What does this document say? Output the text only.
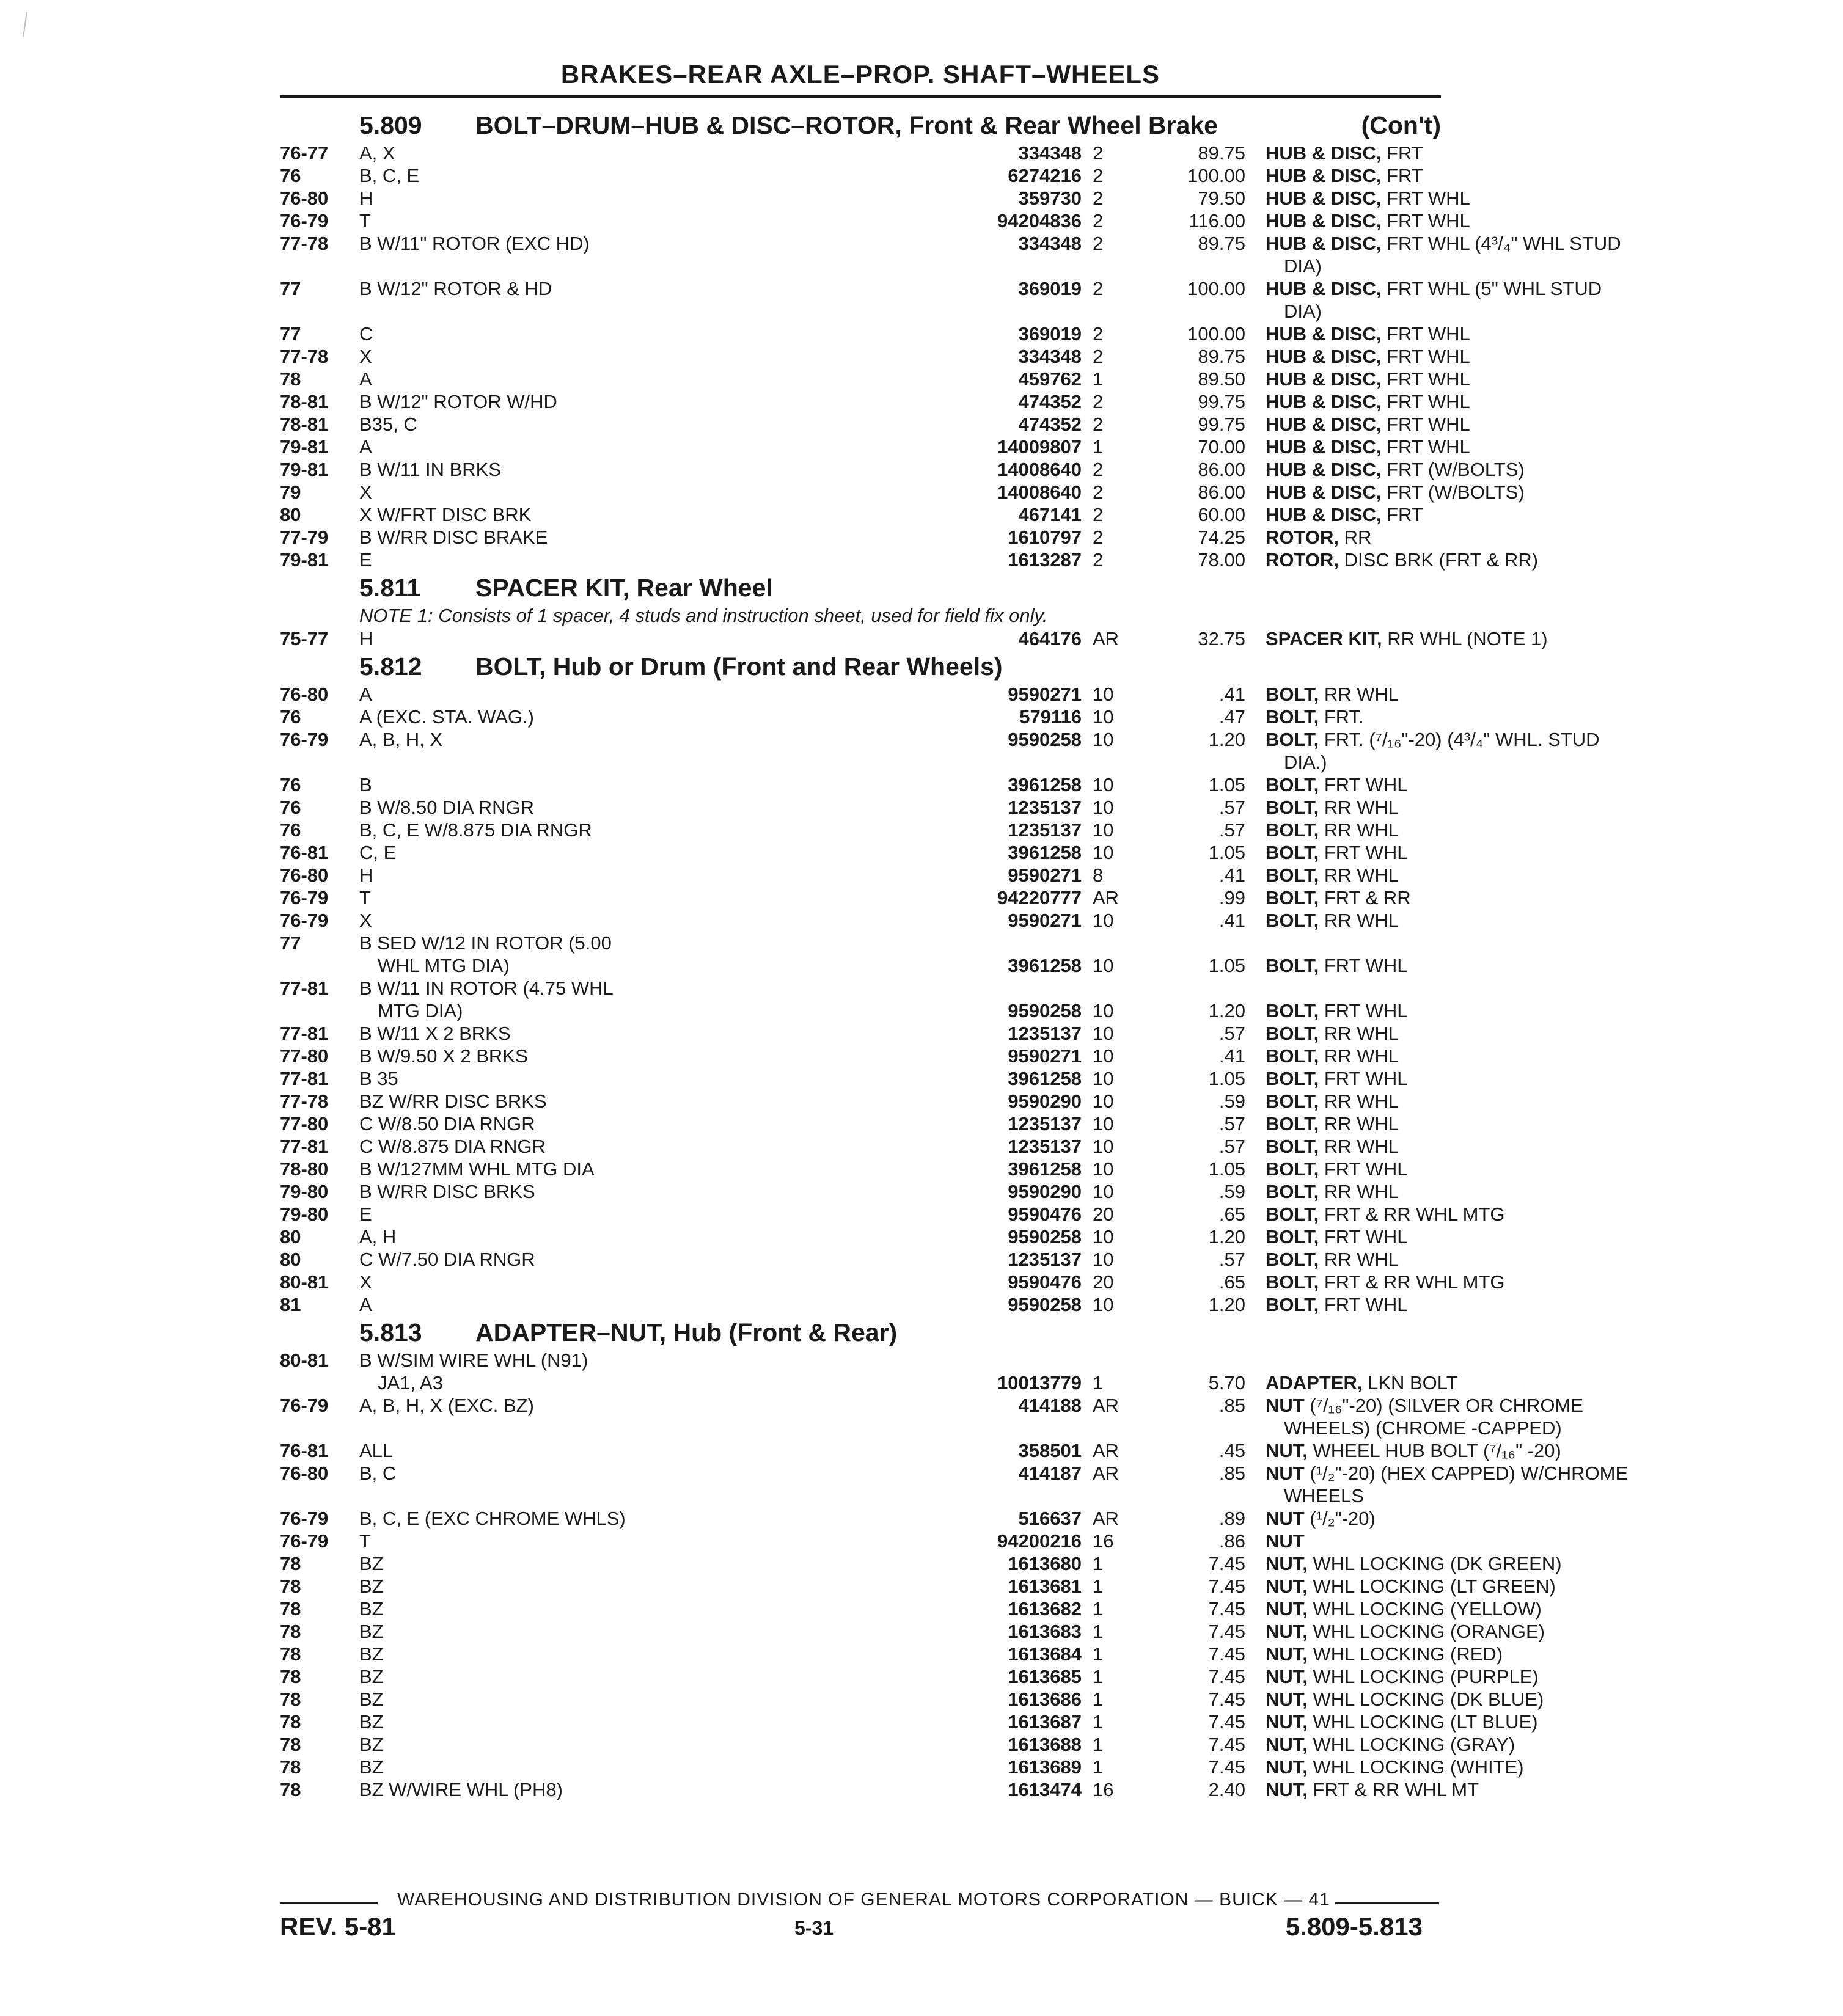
BRAKES–REAR AXLE–PROP. SHAFT–WHEELS
5.809 BOLT–DRUM–HUB & DISC–ROTOR, Front & Rear Wheel Brake	(Con't)
76-77	A, X	334348 2	89.75 HUB & DISC, FRT
76	B, C, E	6274216 2	100.00 HUB & DISC, FRT
76-80	H	359730 2	79.50 HUB & DISC, FRT WHL
76-79	T	94204836 2	116.00 HUB & DISC, FRT WHL
77-78	B W/11" ROTOR (EXC HD)	334348 2	89.75 HUB & DISC, FRT WHL (4³/₄" WHL STUD
DIA)
77	B W/12" ROTOR & HD	369019 2	100.00 HUB & DISC, FRT WHL (5" WHL STUD
DIA)
77	C	369019 2	100.00 HUB & DISC, FRT WHL
77-78	X	334348 2	89.75 HUB & DISC, FRT WHL
78	A	459762 1	89.50 HUB & DISC, FRT WHL
78-81	B W/12" ROTOR W/HD	474352 2	99.75 HUB & DISC, FRT WHL
78-81	B35, C	474352 2	99.75 HUB & DISC, FRT WHL
79-81	A	14009807 1	70.00 HUB & DISC, FRT WHL
79-81	B W/11 IN BRKS	14008640 2	86.00 HUB & DISC, FRT (W/BOLTS)
79	X	14008640 2	86.00 HUB & DISC, FRT (W/BOLTS)
80	X W/FRT DISC BRK	467141 2	60.00 HUB & DISC, FRT
77-79	B W/RR DISC BRAKE	1610797 2	74.25 ROTOR, RR
79-81	E	1613287 2	78.00 ROTOR, DISC BRK (FRT & RR)
5.811 SPACER KIT, Rear Wheel
NOTE 1: Consists of 1 spacer, 4 studs and instruction sheet, used for field fix only.
75-77	H	464176 AR	32.75 SPACER KIT, RR WHL (NOTE 1)
5.812 BOLT, Hub or Drum (Front and Rear Wheels)
76-80	A	9590271 10	.41 BOLT, RR WHL
76	A (EXC. STA. WAG.)	579116 10	.47 BOLT, FRT.
76-79	A, B, H, X	9590258 10	1.20 BOLT, FRT. (⁷/₁₆"-20) (4³/₄" WHL. STUD
DIA.)
76	B	3961258 10	1.05 BOLT, FRT WHL
76	B W/8.50 DIA RNGR	1235137 10	.57 BOLT, RR WHL
76	B, C, E W/8.875 DIA RNGR	1235137 10	.57 BOLT, RR WHL
76-81	C, E	3961258 10	1.05 BOLT, FRT WHL
76-80	H	9590271 8	.41 BOLT, RR WHL
76-79	T	94220777 AR	.99 BOLT, FRT & RR
76-79	X	9590271 10	.41 BOLT, RR WHL
77	B SED W/12 IN ROTOR (5.00
WHL MTG DIA)	3961258 10	1.05 BOLT, FRT WHL
77-81	B W/11 IN ROTOR (4.75 WHL
MTG DIA)	9590258 10	1.20 BOLT, FRT WHL
77-81	B W/11 X 2 BRKS	1235137 10	.57 BOLT, RR WHL
77-80	B W/9.50 X 2 BRKS	9590271 10	.41 BOLT, RR WHL
77-81	B 35	3961258 10	1.05 BOLT, FRT WHL
77-78	BZ W/RR DISC BRKS	9590290 10	.59 BOLT, RR WHL
77-80	C W/8.50 DIA RNGR	1235137 10	.57 BOLT, RR WHL
77-81	C W/8.875 DIA RNGR	1235137 10	.57 BOLT, RR WHL
78-80	B W/127MM WHL MTG DIA	3961258 10	1.05 BOLT, FRT WHL
79-80	B W/RR DISC BRKS	9590290 10	.59 BOLT, RR WHL
79-80	E	9590476 20	.65 BOLT, FRT & RR WHL MTG
80	A, H	9590258 10	1.20 BOLT, FRT WHL
80	C W/7.50 DIA RNGR	1235137 10	.57 BOLT, RR WHL
80-81	X	9590476 20	.65 BOLT, FRT & RR WHL MTG
81	A	9590258 10	1.20 BOLT, FRT WHL
5.813 ADAPTER–NUT, Hub (Front & Rear)
80-81	B W/SIM WIRE WHL (N91)
JA1, A3	10013779 1	5.70 ADAPTER, LKN BOLT
76-79	A, B, H, X (EXC. BZ)	414188 AR	.85 NUT (⁷/₁₆"-20) (SILVER OR CHROME
WHEELS) (CHROME -CAPPED)
76-81	ALL	358501 AR	.45 NUT, WHEEL HUB BOLT (⁷/₁₆" -20)
76-80	B, C	414187 AR	.85 NUT (¹/₂"-20) (HEX CAPPED) W/CHROME
WHEELS
76-79	B, C, E (EXC CHROME WHLS)	516637 AR	.89 NUT (¹/₂"-20)
76-79	T	94200216 16	.86 NUT
78	BZ	1613680 1	7.45 NUT, WHL LOCKING (DK GREEN)
78	BZ	1613681 1	7.45 NUT, WHL LOCKING (LT GREEN)
78	BZ	1613682 1	7.45 NUT, WHL LOCKING (YELLOW)
78	BZ	1613683 1	7.45 NUT, WHL LOCKING (ORANGE)
78	BZ	1613684 1	7.45 NUT, WHL LOCKING (RED)
78	BZ	1613685 1	7.45 NUT, WHL LOCKING (PURPLE)
78	BZ	1613686 1	7.45 NUT, WHL LOCKING (DK BLUE)
78	BZ	1613687 1	7.45 NUT, WHL LOCKING (LT BLUE)
78	BZ	1613688 1	7.45 NUT, WHL LOCKING (GRAY)
78	BZ	1613689 1	7.45 NUT, WHL LOCKING (WHITE)
78	BZ W/WIRE WHL (PH8)	1613474 16	2.40 NUT, FRT & RR WHL MT
WAREHOUSING AND DISTRIBUTION DIVISION OF GENERAL MOTORS CORPORATION — BUICK — 41
REV. 5-81	5-31	5.809-5.813
